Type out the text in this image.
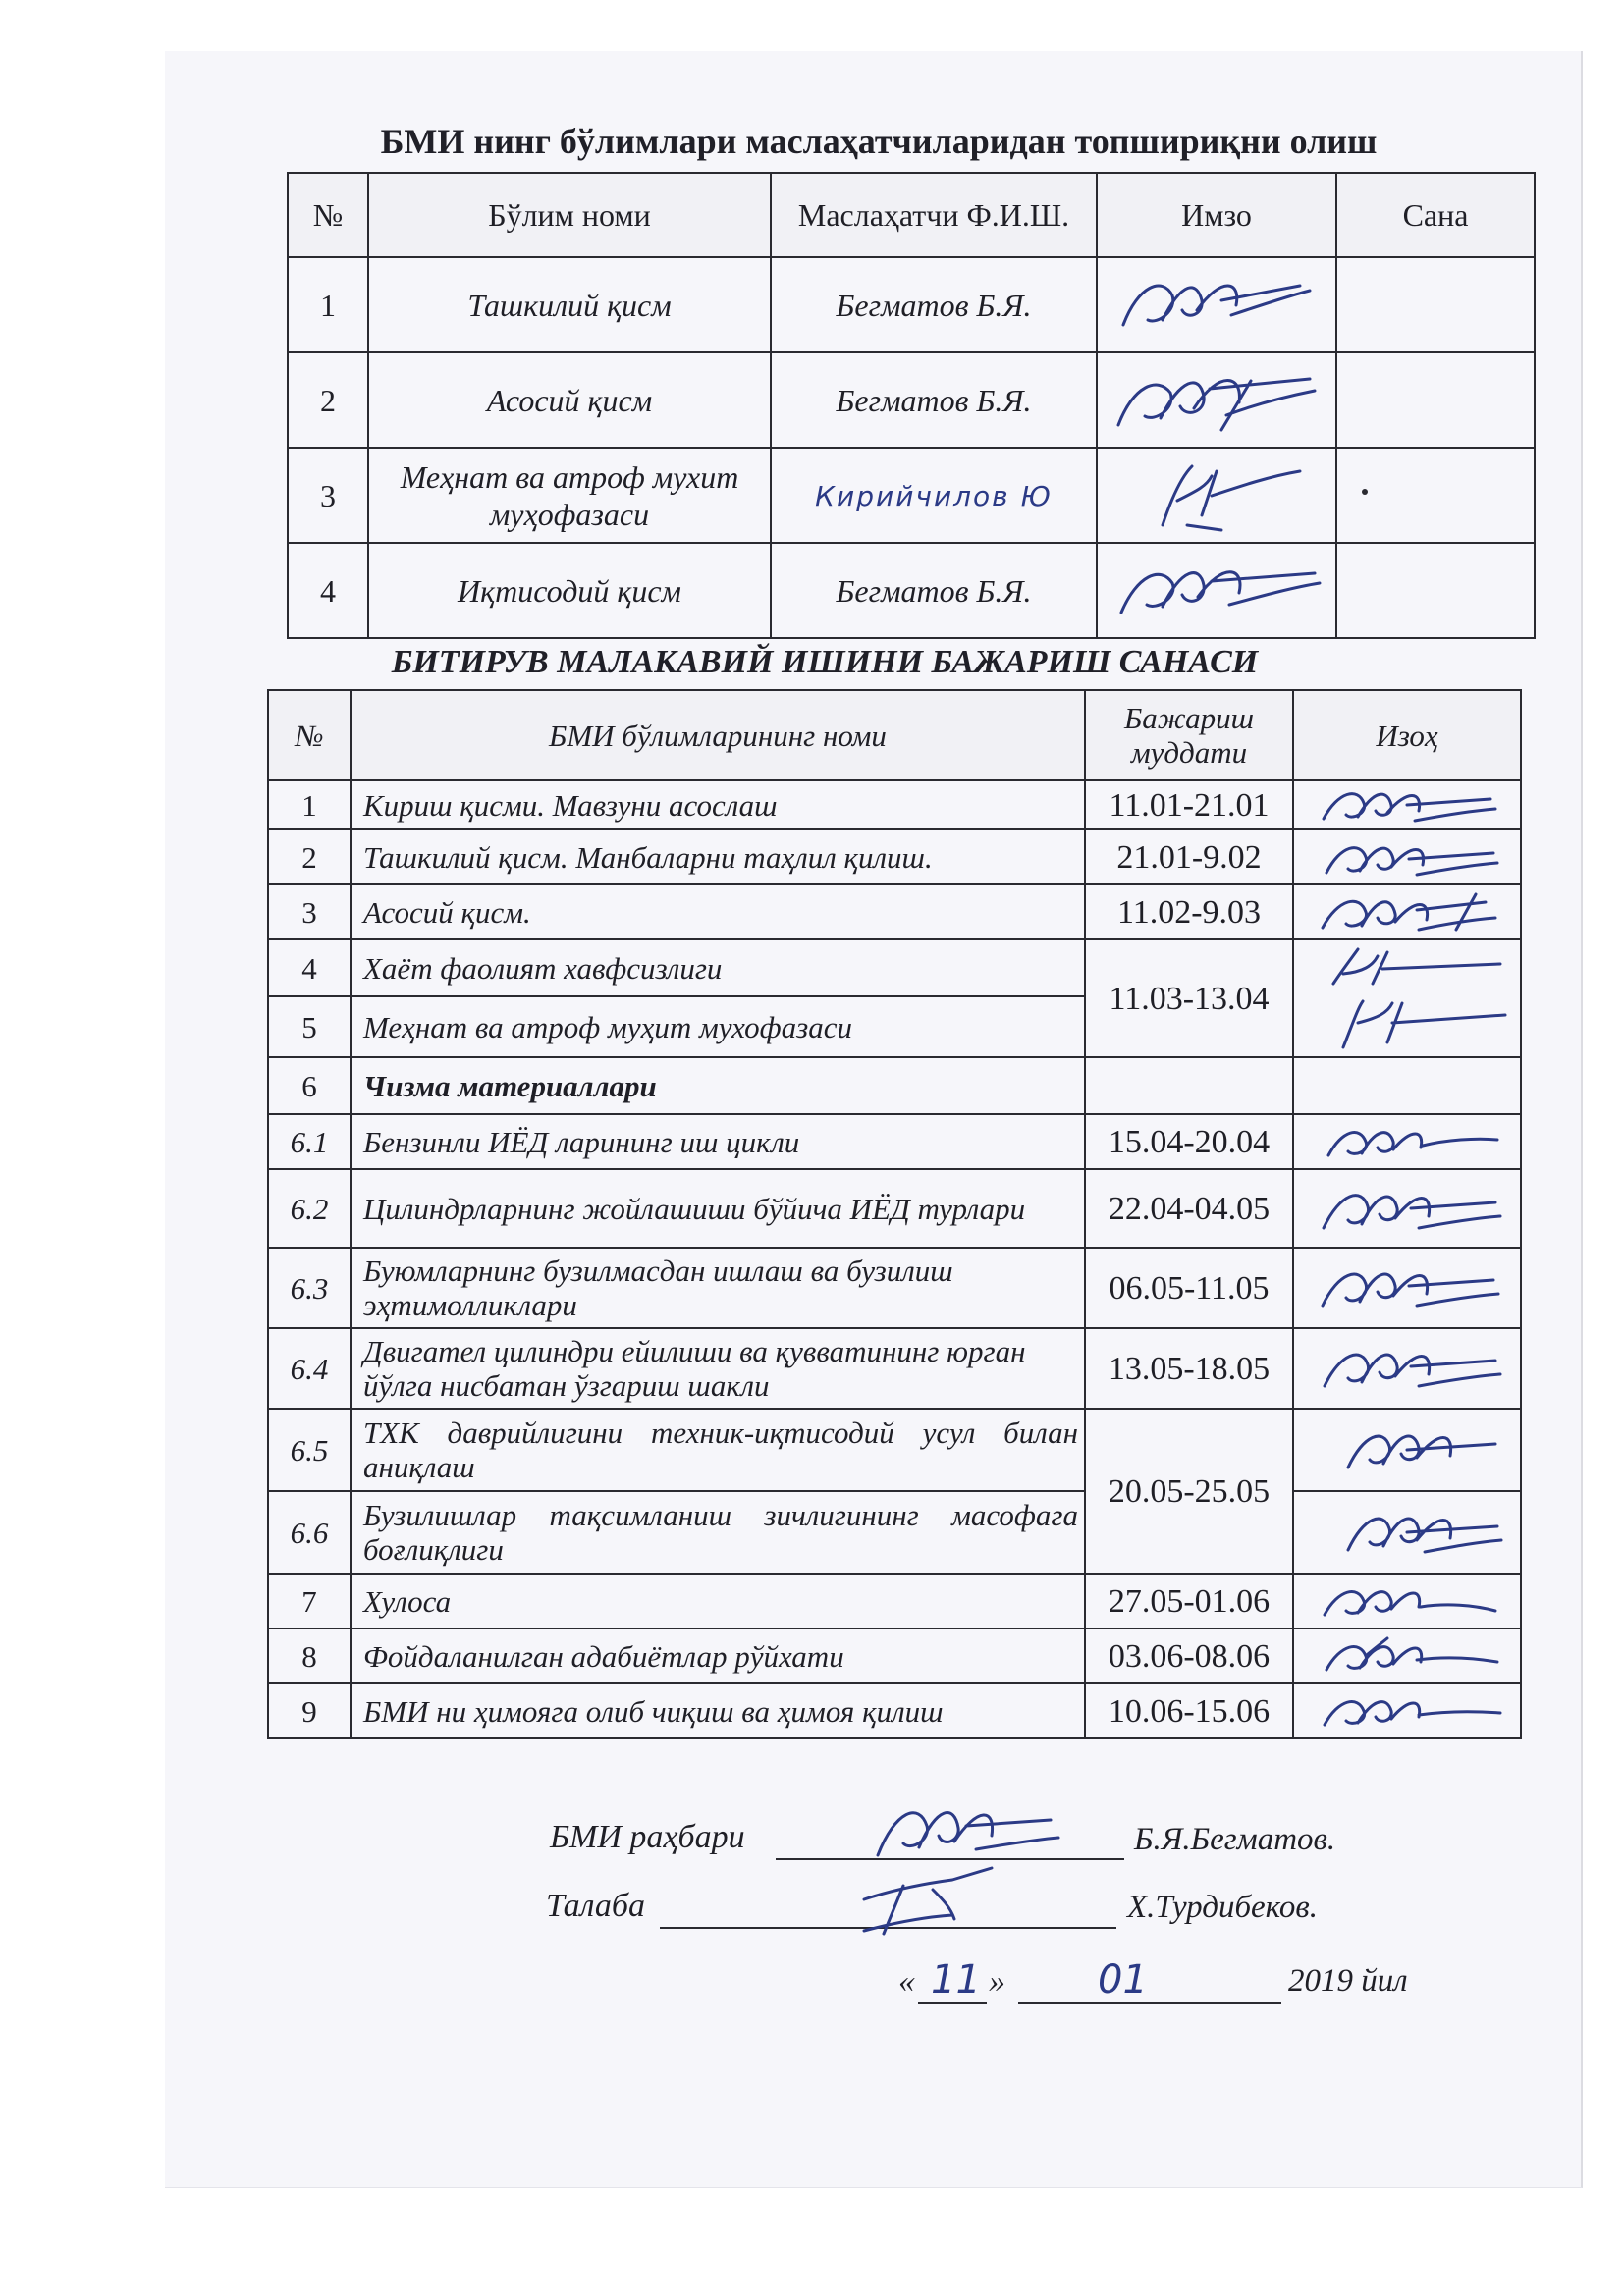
БМИ нинг бўлимлари маслаҳатчиларидан топшириқни олиш
№	Бўлим номи	Маслаҳатчи Ф.И.Ш.	Имзо	Сана
1	Ташкилий қисм	Бегматов Б.Я.	

2	Асосий қисм	Бегматов Б.Я.	

3	Меҳнат ва атроф мухит муҳофазаси	Кирийчилов Ю	

4	Иқтисодий қисм	Бегматов Б.Я.	

БИТИРУВ МАЛАКАВИЙ ИШИНИ БАЖАРИШ САНАСИ
№	БМИ бўлимларининг номи	Бажариш муддати	Изоҳ
1	Кириш қисми. Мавзуни асослаш	11.01-21.01	

2	Ташкилий қисм. Манбаларни таҳлил қилиш.	21.01-9.02	

3	Асосий қисм.	11.02-9.03	

4	Хаёт фаолият хавфсизлиги	11.03-13.04	

5	Меҳнат ва атроф муҳит мухофазаси		
6	Чизма материаллари		
6.1	Бензинли ИЁД ларининг иш цикли	15.04-20.04	

6.2	Цилиндрларнинг жойлашиши бўйича ИЁД турлари	22.04-04.05	

6.3	Буюмларнинг бузилмасдан ишлаш ва бузилиш эҳтимолликлари	06.05-11.05	

6.4	Двигател цилиндри ейилиши ва қувватининг юрган йўлга нисбатан ўзгариш шакли	13.05-18.05	

6.5	ТХК даврийлигини техник-иқтисодий усул билан аниқлаш	20.05-25.05	

6.6	Бузилишлар тақсимланиш зичлигининг масофага боғлиқлиги	

7	Хулоса	27.05-01.06	

8	Фойдаланилган адабиётлар рўйхати	03.06-08.06	

9	БМИ ни ҳимояга олиб чиқиш ва ҳимоя қилиш	10.06-15.06	
БМИ раҳбари	Б.Я.Бегматов.
Талаба	Х.Турдибеков.
« 11 » 01	2019 йил
